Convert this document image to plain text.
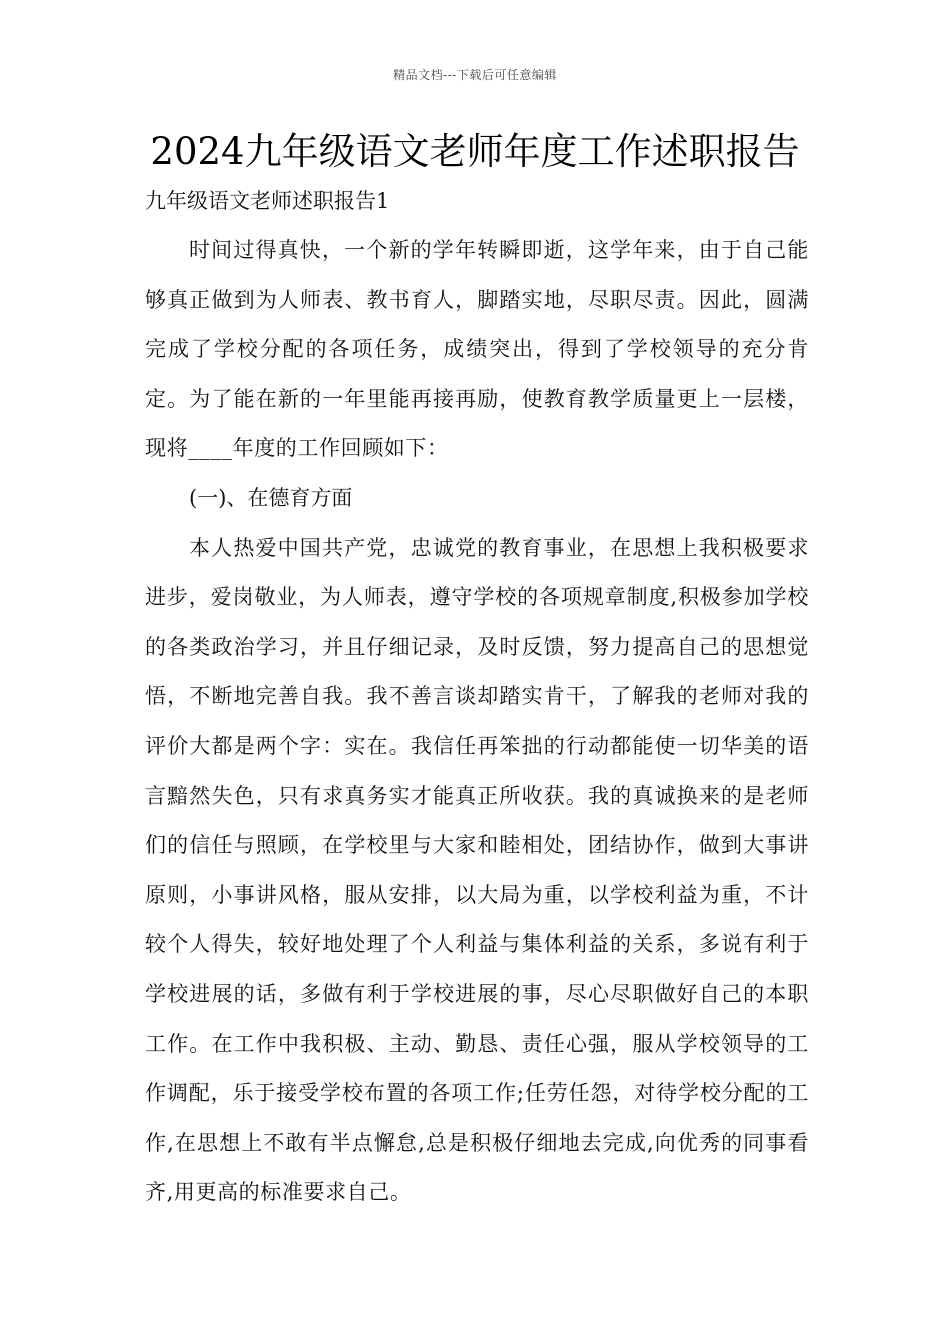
精品文档---下载后可任意编辑
2024九年级语文老师年度工作述职报告

九年级语文老师述职报告1

时间过得真快，一个新的学年转瞬即逝，这学年来，由于自己能够真正做到为人师表、教书育人，脚踏实地，尽职尽责。因此，圆满完成了学校分配的各项任务，成绩突出，得到了学校领导的充分肯定。为了能在新的一年里能再接再励，使教育教学质量更上一层楼，现将____年度的工作回顾如下：

(一)、在德育方面

本人热爱中国共产党，忠诚党的教育事业，在思想上我积极要求进步，爱岗敬业，为人师表，遵守学校的各项规章制度,积极参加学校的各类政治学习，并且仔细记录，及时反馈，努力提高自己的思想觉悟，不断地完善自我。我不善言谈却踏实肯干，了解我的老师对我的评价大都是两个字：实在。我信任再笨拙的行动都能使一切华美的语言黯然失色，只有求真务实才能真正所收获。我的真诚换来的是老师们的信任与照顾，在学校里与大家和睦相处，团结协作，做到大事讲原则，小事讲风格，服从安排，以大局为重，以学校利益为重，不计较个人得失，较好地处理了个人利益与集体利益的关系，多说有利于学校进展的话，多做有利于学校进展的事，尽心尽职做好自己的本职工作。在工作中我积极、主动、勤恳、责任心强，服从学校领导的工作调配，乐于接受学校布置的各项工作;任劳任怨，对待学校分配的工作,在思想上不敢有半点懈怠,总是积极仔细地去完成,向优秀的同事看齐,用更高的标准要求自己。
